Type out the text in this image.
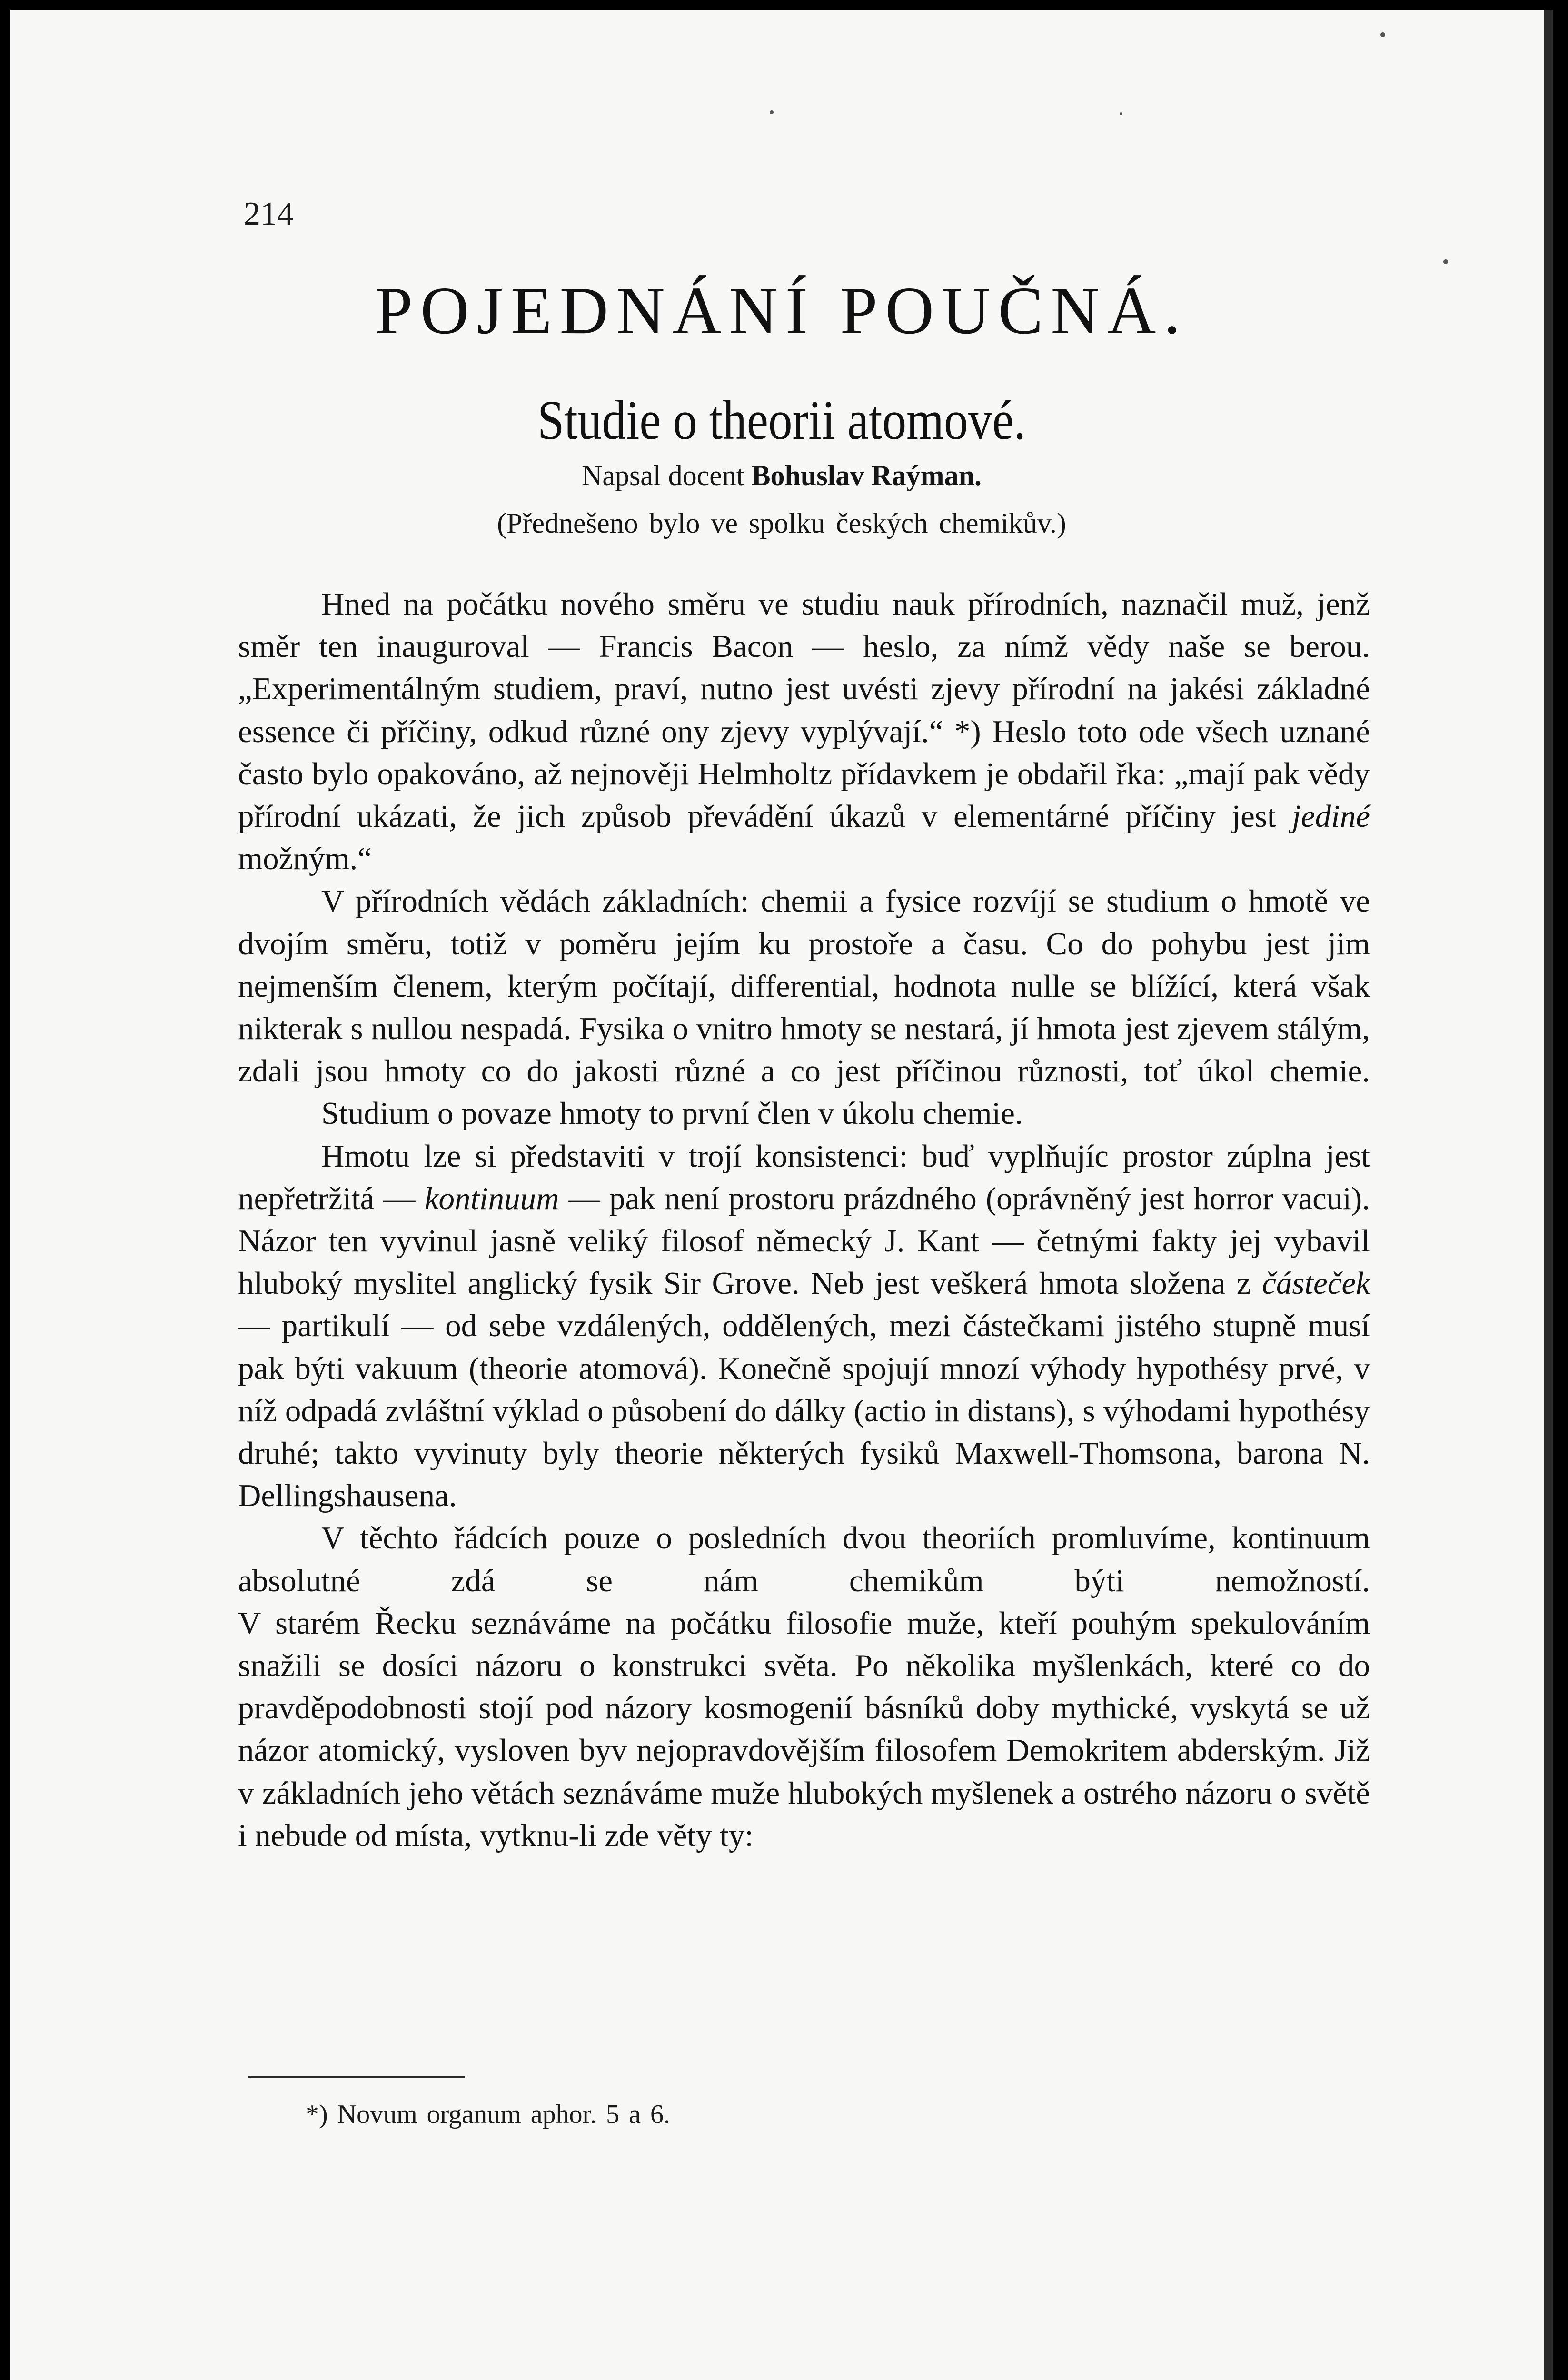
214

POJEDNÁNÍ POUČNÁ.
Studie o theorii atomové.

Napsal docent Bohuslav Raýman.

(Přednešeno bylo ve spolku českých chemikův.)

Hned na počátku nového směru ve studiu nauk přírodních, naznačil muž, jenž směr ten inauguroval — Francis Bacon — heslo, za nímž vědy naše se berou. „Experimentálným studiem, praví, nutno jest uvésti zjevy přírodní na jakési základné essence či příčiny, odkud různé ony zjevy vyplývají.“ *) Heslo toto ode všech uznané často bylo opakováno, až nejnověji Helmholtz přídavkem je obdařil řka: „mají pak vědy přírodní ukázati, že jich způsob převádění úkazů v elementárné příčiny jest jediné možným.“

V přírodních vědách základních: chemii a fysice rozvíjí se studium o hmotě ve dvojím směru, totiž v poměru jejím ku prostoře a času. Co do pohybu jest jim nejmenším členem, kterým počítají, differential, hodnota nulle se blížící, která však nikterak s nullou nespadá. Fysika o vnitro hmoty se nestará, jí hmota jest zjevem stálým, zdali jsou hmoty co do jakosti různé a co jest příčinou různosti, toť úkol chemie.

Studium o povaze hmoty to první člen v úkolu chemie.

Hmotu lze si představiti v trojí konsistenci: buď vyplňujíc prostor zúplna jest nepřetržitá — kontinuum — pak není prostoru prázdného (oprávněný jest horror vacui). Názor ten vyvinul jasně veliký filosof německý J. Kant — četnými fakty jej vybavil hluboký myslitel anglický fysik Sir Grove. Neb jest veškerá hmota složena z částeček — partikulí — od sebe vzdálených, oddělených, mezi částečkami jistého stupně musí pak býti vakuum (theorie atomová). Konečně spojují mnozí výhody hypothésy prvé, v níž odpadá zvláštní výklad o působení do dálky (actio in distans), s výhodami hypothésy druhé; takto vyvinuty byly theorie některých fysiků Maxwell-Thomsona, barona N. Dellingshausena.

V těchto řádcích pouze o posledních dvou theoriích promluvíme, kontinuum absolutné zdá se nám chemikům býti nemožností.

V starém Řecku seznáváme na počátku filosofie muže, kteří pouhým spekulováním snažili se dosíci názoru o konstrukci světa. Po několika myšlenkách, které co do pravděpodobnosti stojí pod názory kosmogenií básníků doby mythické, vyskytá se už názor atomický, vysloven byv nejopravdovějším filosofem Demokritem abderským. Již v základních jeho větách seznáváme muže hlubokých myšlenek a ostrého názoru o světě i nebude od místa, vytknu-li zde věty ty:

*) Novum organum aphor. 5 a 6.
